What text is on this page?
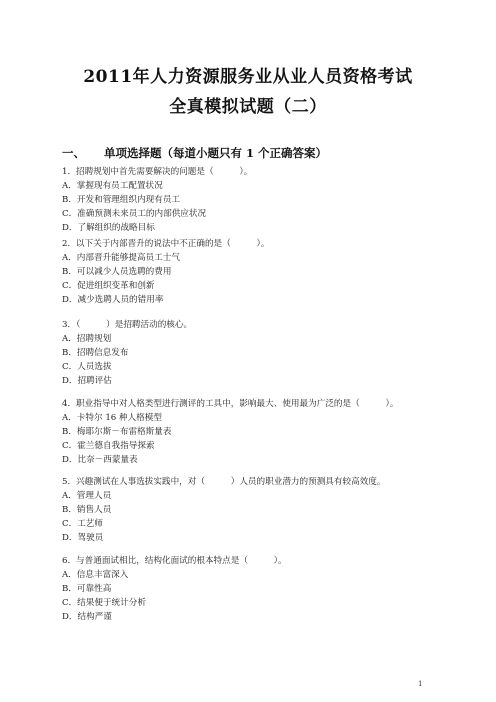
2011年人力资源服务业从业人员资格考试
全真模拟试题（二）
一、 单项选择题（每道小题只有 1 个正确答案）
1．招聘规划中首先需要解决的问题是（　　　）。
A．掌握现有员工配置状况
B．开发和管理组织内现有员工
C．准确预测未来员工的内部供应状况
D．了解组织的战略目标
2．以下关于内部晋升的说法中不正确的是（　　　）。
A．内部晋升能够提高员工士气
B．可以减少人员选聘的费用
C．促进组织变革和创新
D．减少选聘人员的错用率
3．（　　　）是招聘活动的核心。
A．招聘规划
B．招聘信息发布
C．人员选拔
D．招聘评估
4．职业指导中对人格类型进行测评的工具中，影响最大、使用最为广泛的是（　　　）。
A．卡特尔 16 种人格模型
B．梅耶尔斯－布雷格斯量表
C．霍兰德自我指导探索
D．比奈－西蒙量表
5．兴趣测试在人事选拔实践中，对（　　　）人员的职业潜力的预测具有较高效度。
A．管理人员
B．销售人员
C．工艺师
D．驾驶员
6．与普通面试相比，结构化面试的根本特点是（　　　）。
A．信息丰富深入
B．可靠性高
C．结果便于统计分析
D．结构严谨
1
